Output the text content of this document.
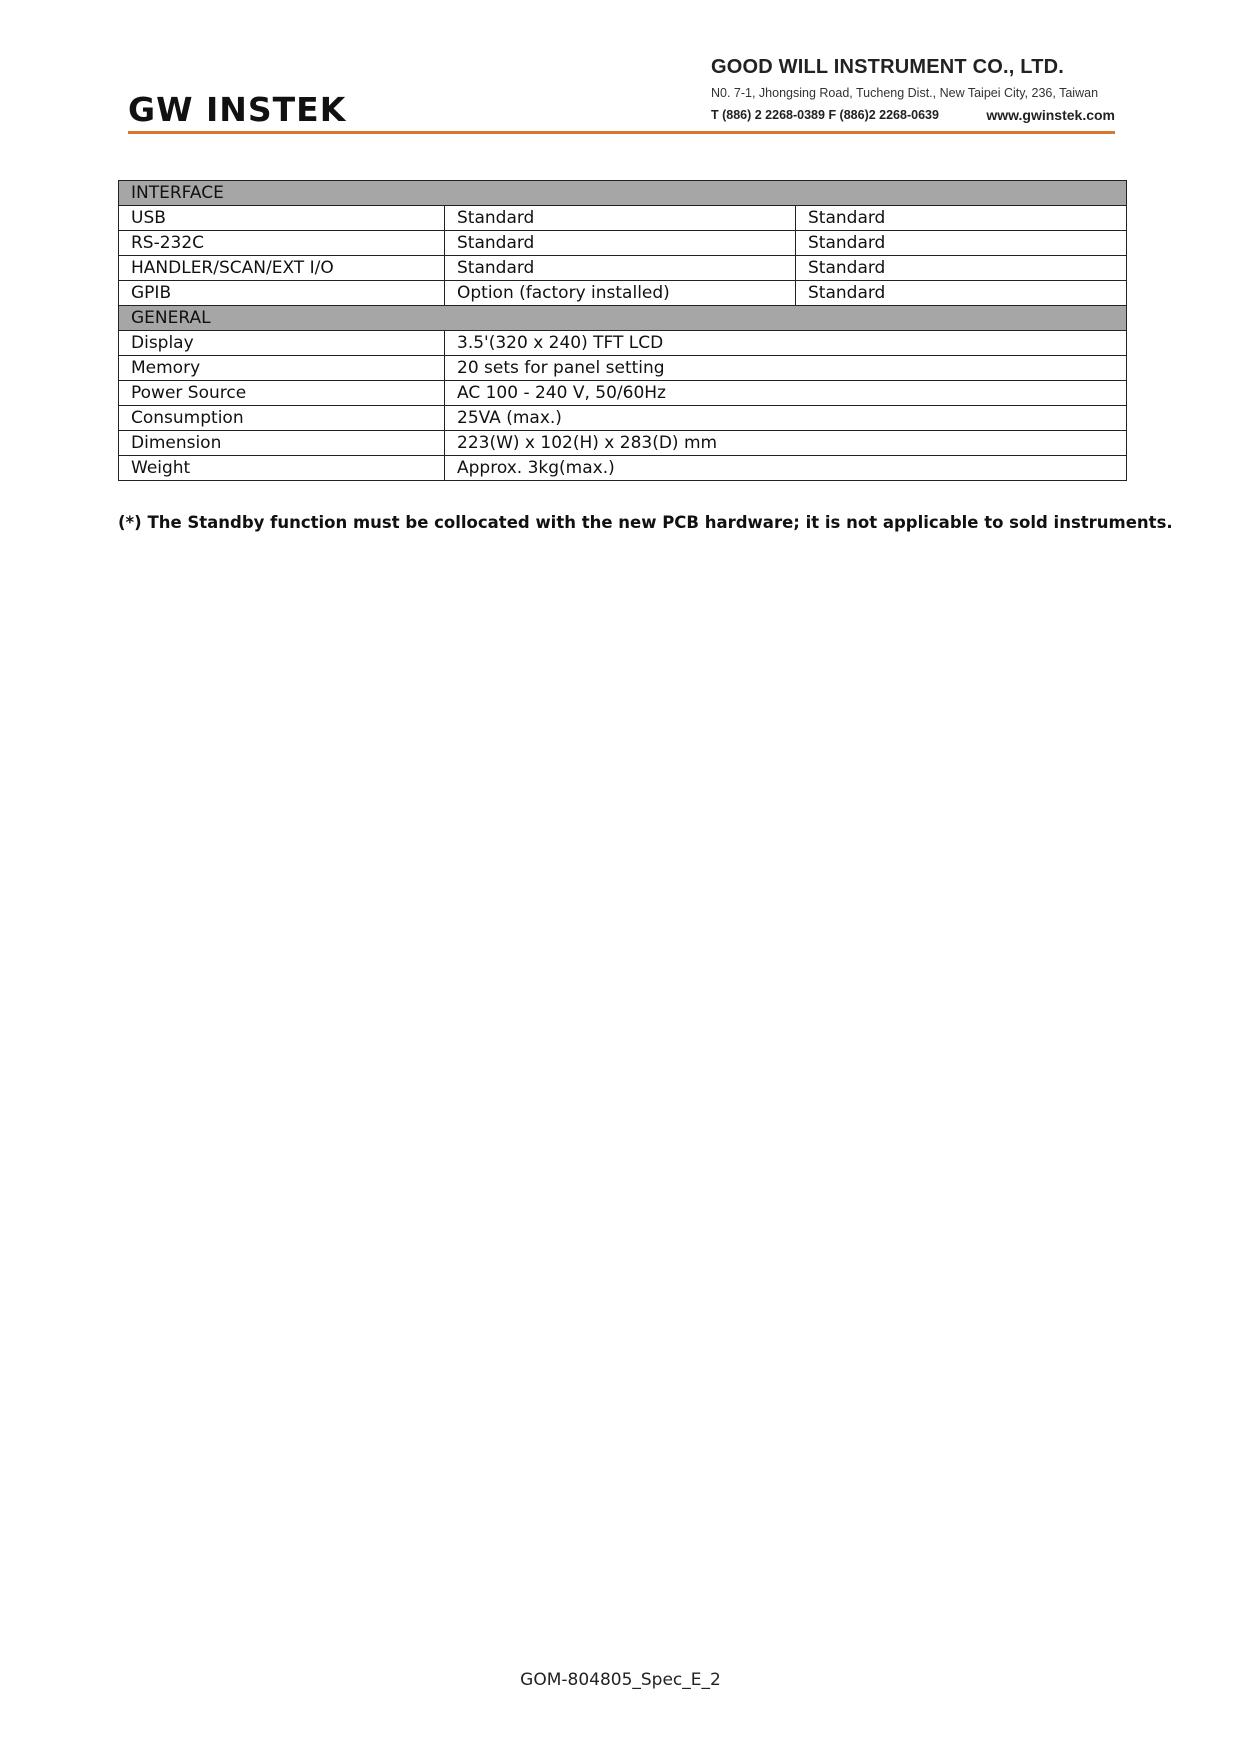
GW INSTEK
GOOD WILL INSTRUMENT CO., LTD.
N0. 7-1, Jhongsing Road, Tucheng Dist., New Taipei City, 236, Taiwan
T (886) 2 2268-0389 F (886)2 2268-0639	www.gwinstek.com
INTERFACE		
USB	Standard	Standard
RS-232C	Standard	Standard
HANDLER/SCAN/EXT I/O	Standard	Standard
GPIB	Option (factory installed)	Standard
GENERAL		
Display	3.5'(320 x 240) TFT LCD	
Memory	20 sets for panel setting	
Power Source	AC 100 - 240 V, 50/60Hz	
Consumption	25VA (max.)	
Dimension	223(W) x 102(H) x 283(D) mm	
Weight	Approx. 3kg(max.)	
(*) The Standby function must be collocated with the new PCB hardware; it is not applicable to sold instruments.
GOM-804805_Spec_E_2
